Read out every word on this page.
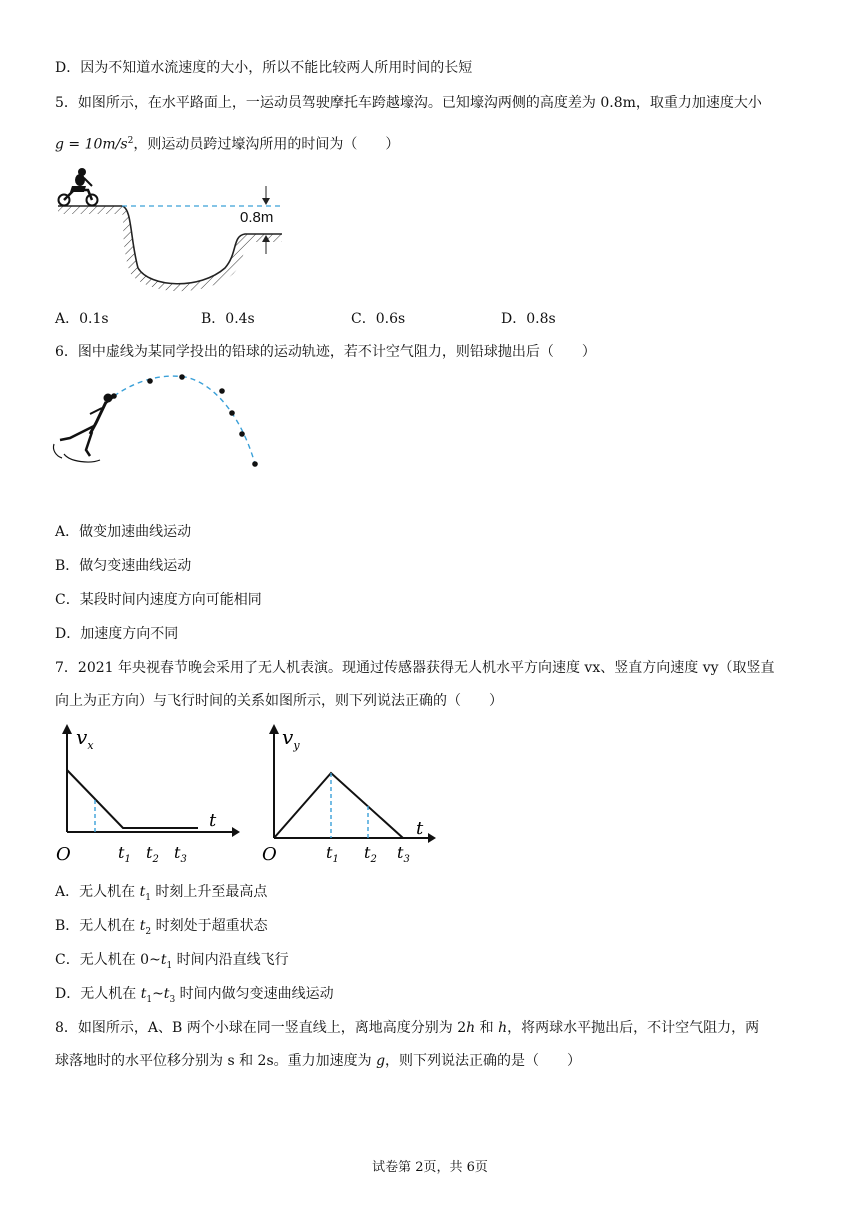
D．因为不知道水流速度的大小，所以不能比较两人所用时间的长短
5．如图所示，在水平路面上，一运动员驾驶摩托车跨越壕沟。已知壕沟两侧的高度差为 0.8m，取重力加速度大小
$g = 10m/s^2$，则运动员跨过壕沟所用的时间为（　　）
0.8m
A．0.1s	B．0.4s	C．0.6s	D．0.8s
6．图中虚线为某同学投出的铅球的运动轨迹，若不计空气阻力，则铅球抛出后（　　）
A．做变加速曲线运动
B．做匀变速曲线运动
C．某段时间内速度方向可能相同
D．加速度方向不同
7．2021 年央视春节晚会采用了无人机表演。现通过传感器获得无人机水平方向速度 vx、竖直方向速度 vy（取竖直
向上为正方向）与飞行时间的关系如图所示，则下列说法正确的（　　）
$v_x$
t
O	$t_1$ $t_2$ $t_3$
$v_y$
t
O	$t_1$ $t_2$ $t_3$
A．无人机在 $t_1$ 时刻上升至最高点
B．无人机在 $t_2$ 时刻处于超重状态
C．无人机在 $0\sim t_1$ 时间内沿直线飞行
D．无人机在 $t_1\sim t_3$ 时间内做匀变速曲线运动
8．如图所示，A、B 两个小球在同一竖直线上，离地高度分别为 2h 和 h，将两球水平抛出后，不计空气阻力，两
球落地时的水平位移分别为 s 和 2s。重力加速度为 g，则下列说法正确的是（　　）
试卷第 2页，共 6页
